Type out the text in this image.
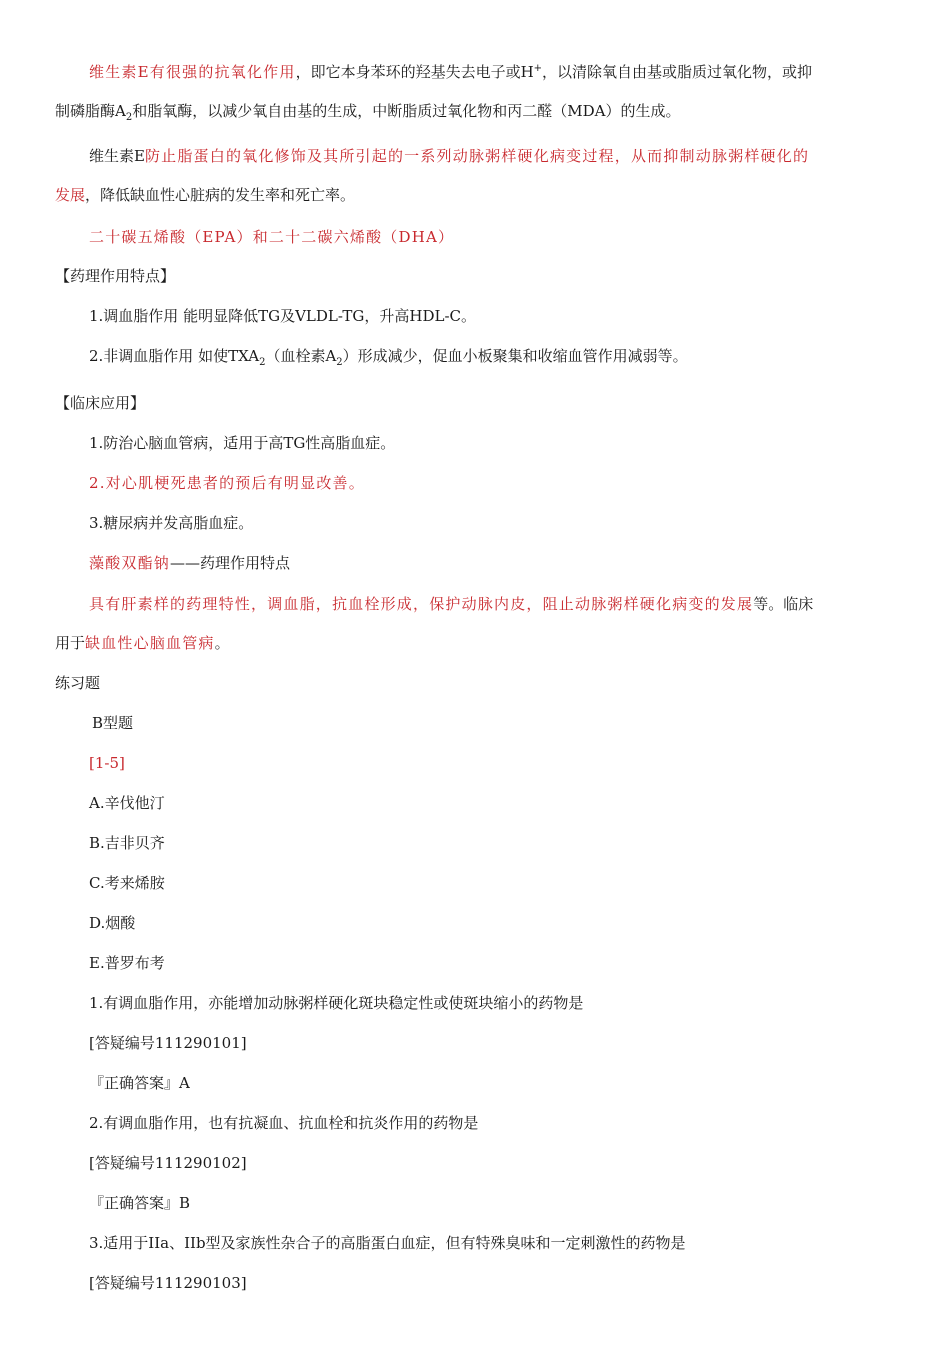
维生素E有很强的抗氧化作用，即它本身苯环的羟基失去电子或H+，以清除氧自由基或脂质过氧化物，或抑
制磷脂酶$A_2$和脂氧酶，以减少氧自由基的生成，中断脂质过氧化物和丙二醛（MDA）的生成。
维生素E防止脂蛋白的氧化修饰及其所引起的一系列动脉粥样硬化病变过程，从而抑制动脉粥样硬化的
发展，降低缺血性心脏病的发生率和死亡率。
二十碳五烯酸（EPA）和二十二碳六烯酸（DHA）
【药理作用特点】
1.调血脂作用 能明显降低TG及VLDL-TG，升高HDL-C。
2.非调血脂作用 如使$TXA_2$（血栓素$A_2$）形成减少，促血小板聚集和收缩血管作用减弱等。
【临床应用】
1.防治心脑血管病，适用于高TG性高脂血症。
2.对心肌梗死患者的预后有明显改善。
3.糖尿病并发高脂血症。
藻酸双酯钠——药理作用特点
具有肝素样的药理特性，调血脂，抗血栓形成，保护动脉内皮，阻止动脉粥样硬化病变的发展等。临床
用于缺血性心脑血管病。
练习题
B型题
[1-5]
A.辛伐他汀
B.吉非贝齐
C.考来烯胺
D.烟酸
E.普罗布考
1.有调血脂作用，亦能增加动脉粥样硬化斑块稳定性或使斑块缩小的药物是
[答疑编号111290101]
『正确答案』A
2.有调血脂作用，也有抗凝血、抗血栓和抗炎作用的药物是
[答疑编号111290102]
『正确答案』B
3.适用于IIa、IIb型及家族性杂合子的高脂蛋白血症，但有特殊臭味和一定刺激性的药物是
[答疑编号111290103]
